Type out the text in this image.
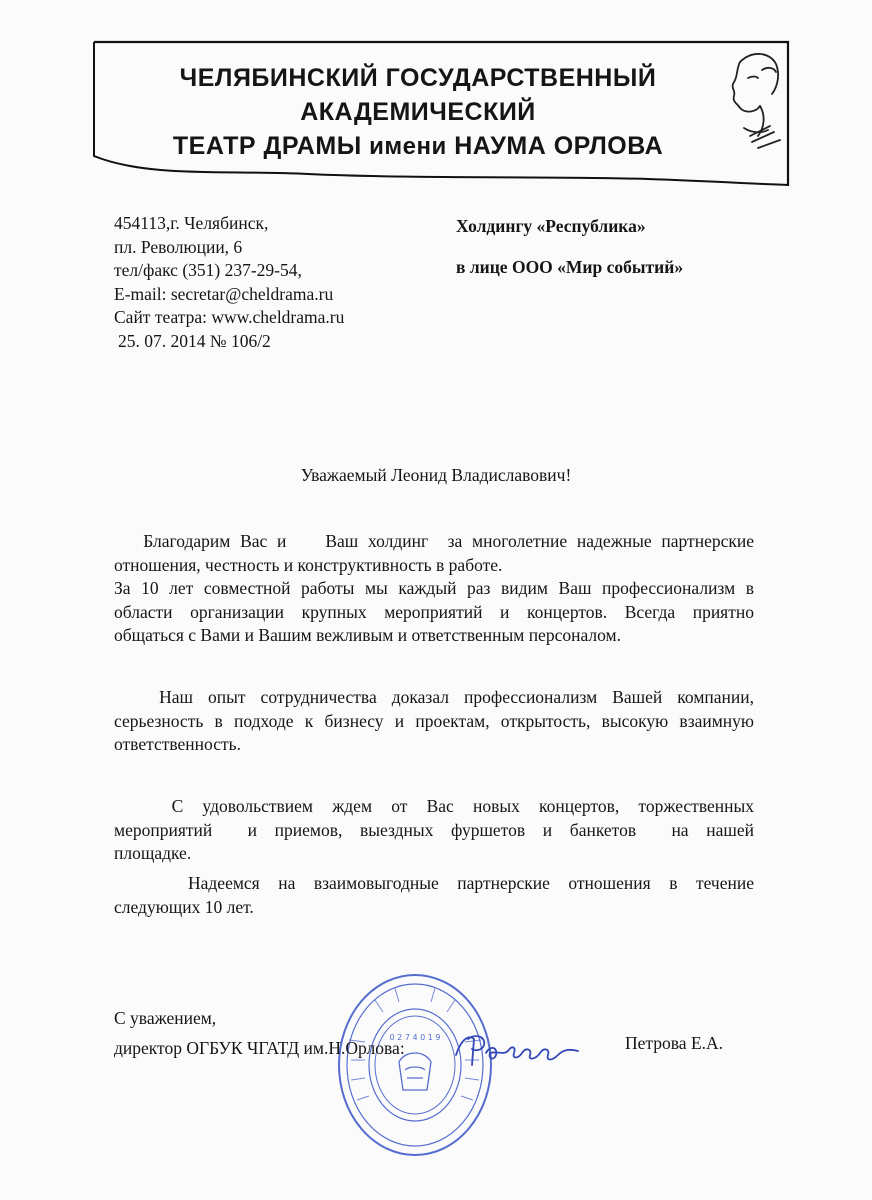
ЧЕЛЯБИНСКИЙ ГОСУДАРСТВЕННЫЙ
АКАДЕМИЧЕСКИЙ
ТЕАТР ДРАМЫ имени НАУМА ОРЛОВА
454113,г. Челябинск,
пл. Революции, 6
тел/факс (351) 237-29-54,
E-mail: secretar@cheldrama.ru
Сайт театра: www.cheldrama.ru
25. 07. 2014 № 106/2
Холдингу «Республика»
в лице ООО «Мир событий»
Уважаемый Леонид Владиславович!
Благодарим Вас и    Ваш холдинг  за многолетние надежные партнерские
отношения, честность и конструктивность в работе.
За 10 лет совместной работы мы каждый раз видим Ваш профессионализм в
области организации крупных мероприятий и концертов. Всегда приятно
общаться с Вами и Вашим вежливым и ответственным персоналом.
Наш опыт сотрудничества доказал профессионализм Вашей компании,
серьезность в подходе к бизнесу и проектам, открытость, высокую взаимную
ответственность.
С удовольствием ждем от Вас новых концертов, торжественных
мероприятий  и приемов, выездных фуршетов и банкетов  на нашей
площадке.
Надеемся на взаимовыгодные партнерские отношения в течение
следующих 10 лет.
0 2 7 4 0 1 9
С уважением,
директор ОГБУК ЧГАТД им.Н.Орлова:	Петрова Е.А.
